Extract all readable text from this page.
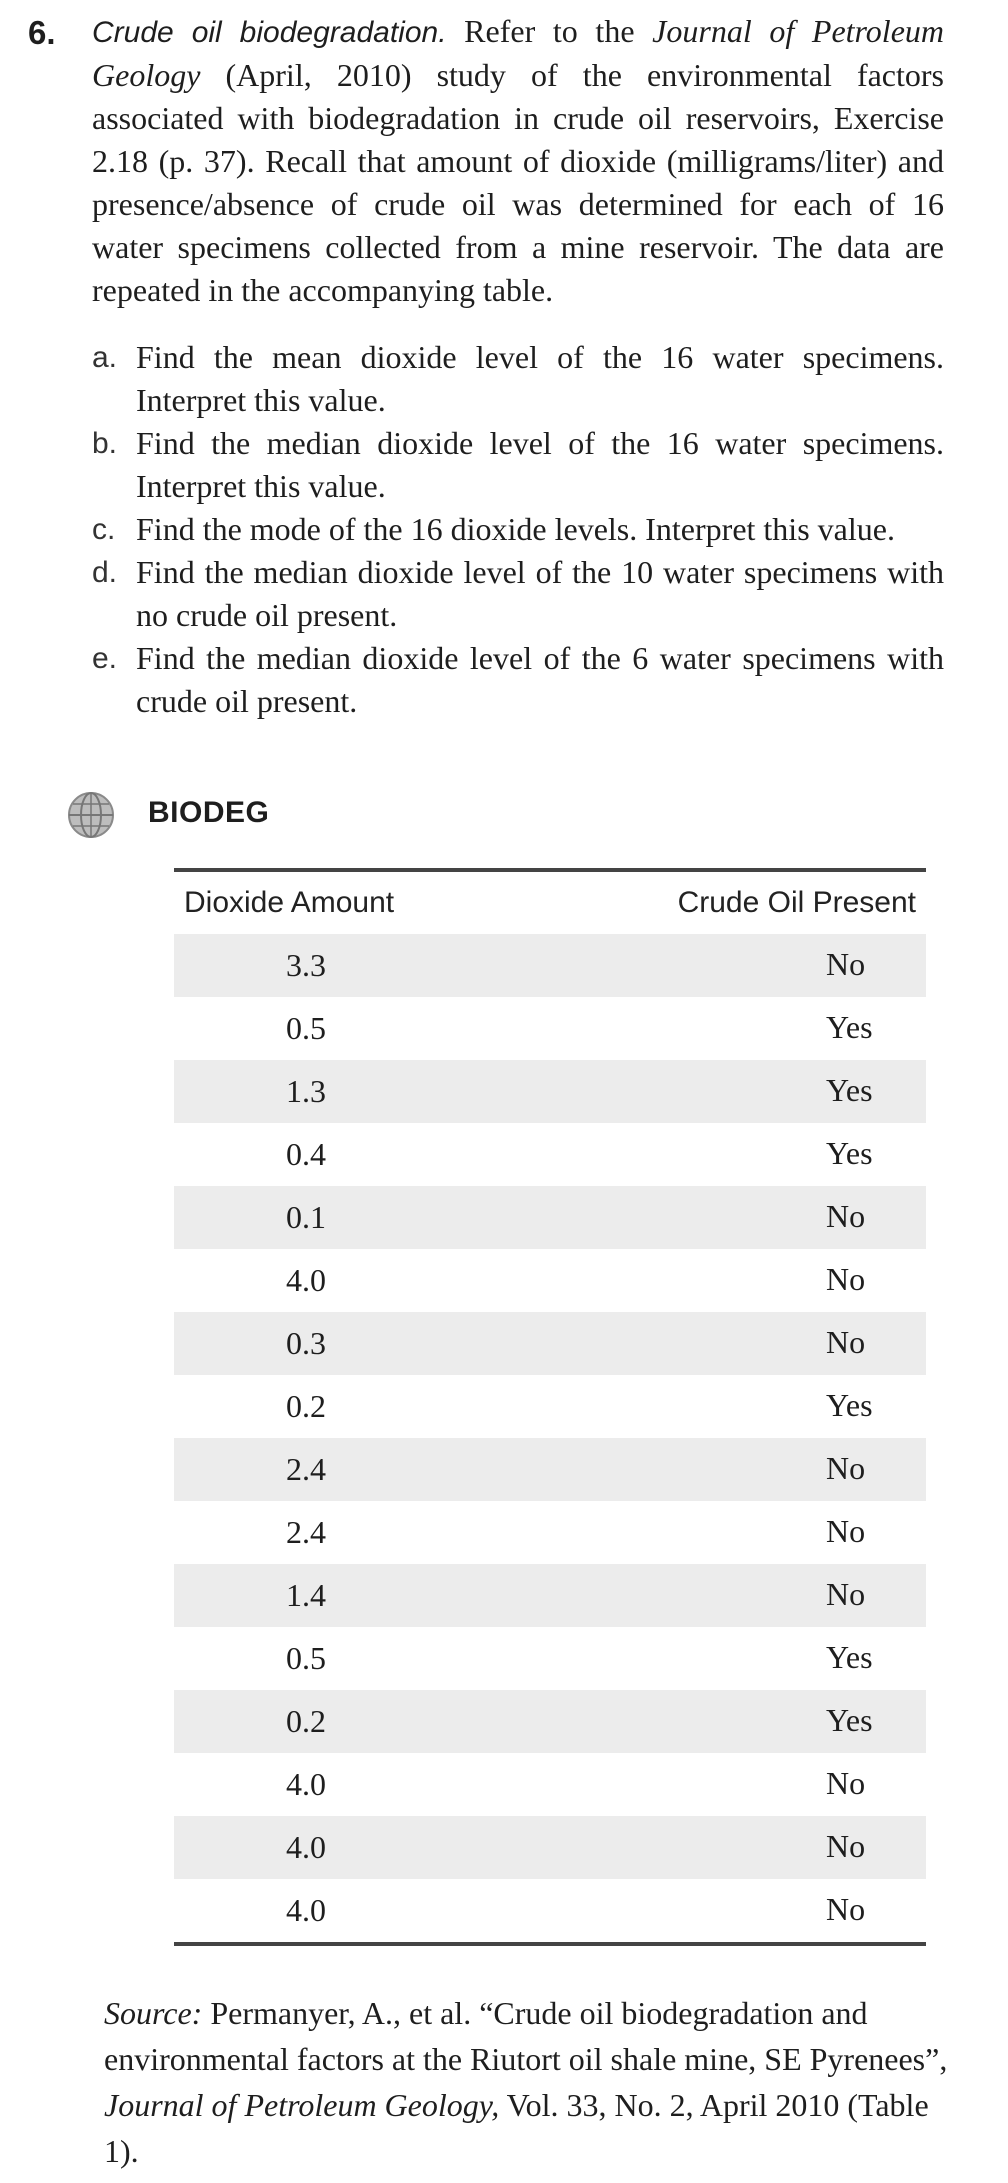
6. Crude oil biodegradation. Refer to the Journal of Petroleum Geology (April, 2010) study of the environmental factors associated with biodegradation in crude oil reservoirs, Exercise 2.18 (p. 37). Recall that amount of dioxide (milligrams/liter) and presence/absence of crude oil was determined for each of 16 water specimens collected from a mine reservoir. The data are repeated in the accompanying table.
a. Find the mean dioxide level of the 16 water specimens. Interpret this value.
b. Find the median dioxide level of the 16 water specimens. Interpret this value.
c. Find the mode of the 16 dioxide levels. Interpret this value.
d. Find the median dioxide level of the 10 water specimens with no crude oil present.
e. Find the median dioxide level of the 6 water specimens with crude oil present.
BIODEG
Dioxide Amount	Crude Oil Present
3.3	No
0.5	Yes
1.3	Yes
0.4	Yes
0.1	No
4.0	No
0.3	No
0.2	Yes
2.4	No
2.4	No
1.4	No
0.5	Yes
0.2	Yes
4.0	No
4.0	No
4.0	No
Source: Permanyer, A., et al. “Crude oil biodegradation and environmental factors at the Riutort oil shale mine, SE Pyrenees”, Journal of Petroleum Geology, Vol. 33, No. 2, April 2010 (Table 1).
